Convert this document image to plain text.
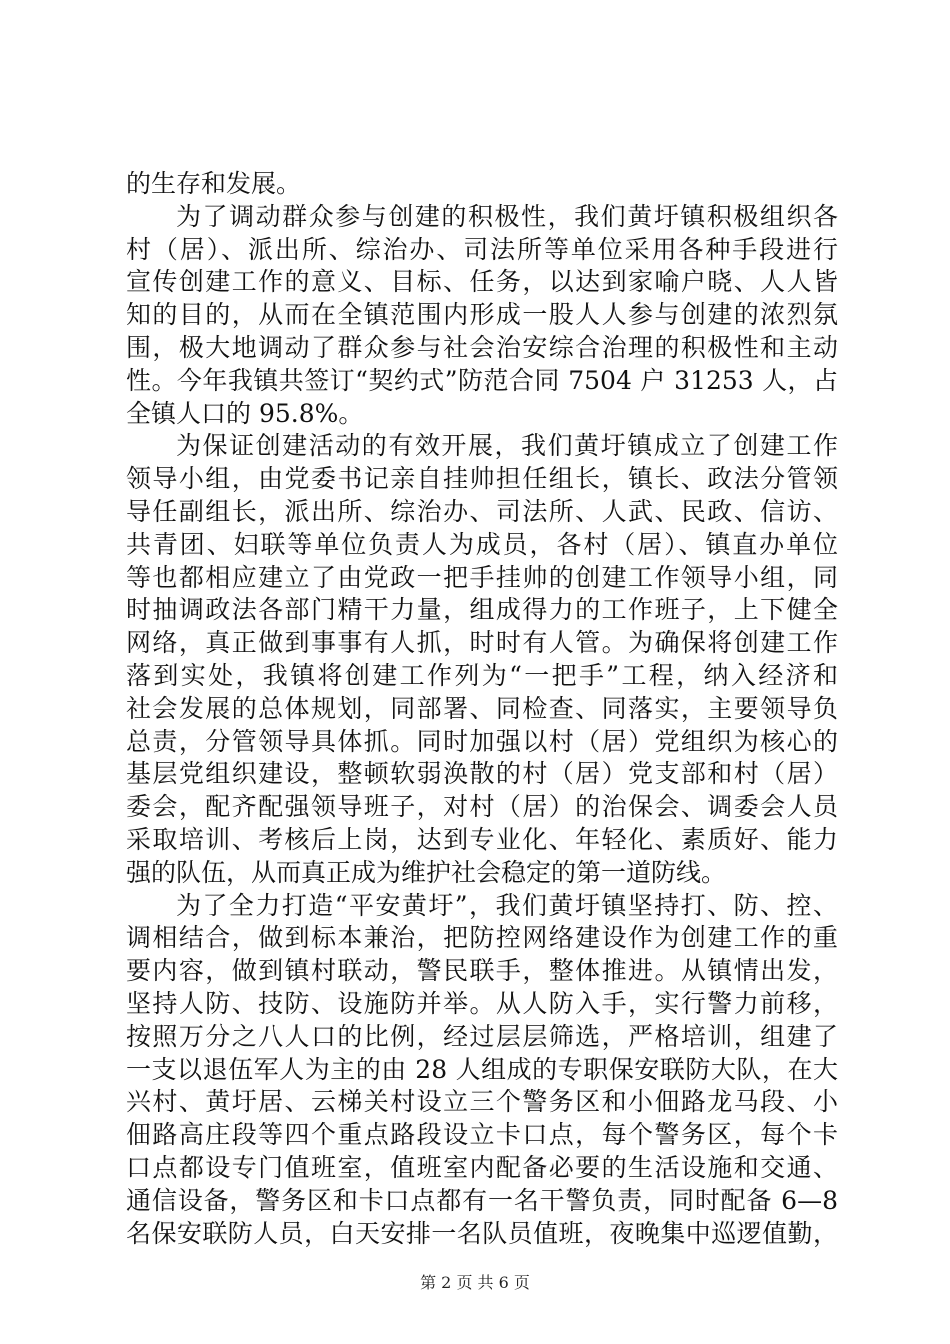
的生存和发展。
为了调动群众参与创建的积极性，我们黄圩镇积极组织各
村（居）、派出所、综治办、司法所等单位采用各种手段进行
宣传创建工作的意义、目标、任务，以达到家喻户晓、人人皆
知的目的，从而在全镇范围内形成一股人人参与创建的浓烈氛
围，极大地调动了群众参与社会治安综合治理的积极性和主动
性。今年我镇共签订“契约式”防范合同 7504 户 31253 人，占
全镇人口的 95.8%。
为保证创建活动的有效开展，我们黄圩镇成立了创建工作
领导小组，由党委书记亲自挂帅担任组长，镇长、政法分管领
导任副组长，派出所、综治办、司法所、人武、民政、信访、
共青团、妇联等单位负责人为成员，各村（居）、镇直办单位
等也都相应建立了由党政一把手挂帅的创建工作领导小组，同
时抽调政法各部门精干力量，组成得力的工作班子，上下健全
网络，真正做到事事有人抓，时时有人管。为确保将创建工作
落到实处，我镇将创建工作列为“一把手”工程，纳入经济和
社会发展的总体规划，同部署、同检查、同落实，主要领导负
总责，分管领导具体抓。同时加强以村（居）党组织为核心的
基层党组织建设，整顿软弱涣散的村（居）党支部和村（居）
委会，配齐配强领导班子，对村（居）的治保会、调委会人员
采取培训、考核后上岗，达到专业化、年轻化、素质好、能力
强的队伍，从而真正成为维护社会稳定的第一道防线。
为了全力打造“平安黄圩”，我们黄圩镇坚持打、防、控、
调相结合，做到标本兼治，把防控网络建设作为创建工作的重
要内容，做到镇村联动，警民联手，整体推进。从镇情出发，
坚持人防、技防、设施防并举。从人防入手，实行警力前移，
按照万分之八人口的比例，经过层层筛选，严格培训，组建了
一支以退伍军人为主的由 28 人组成的专职保安联防大队，在大
兴村、黄圩居、云梯关村设立三个警务区和小佃路龙马段、小
佃路高庄段等四个重点路段设立卡口点，每个警务区，每个卡
口点都设专门值班室，值班室内配备必要的生活设施和交通、
通信设备，警务区和卡口点都有一名干警负责，同时配备 6—8
名保安联防人员，白天安排一名队员值班，夜晚集中巡逻值勤，
第 2 页 共 6 页
